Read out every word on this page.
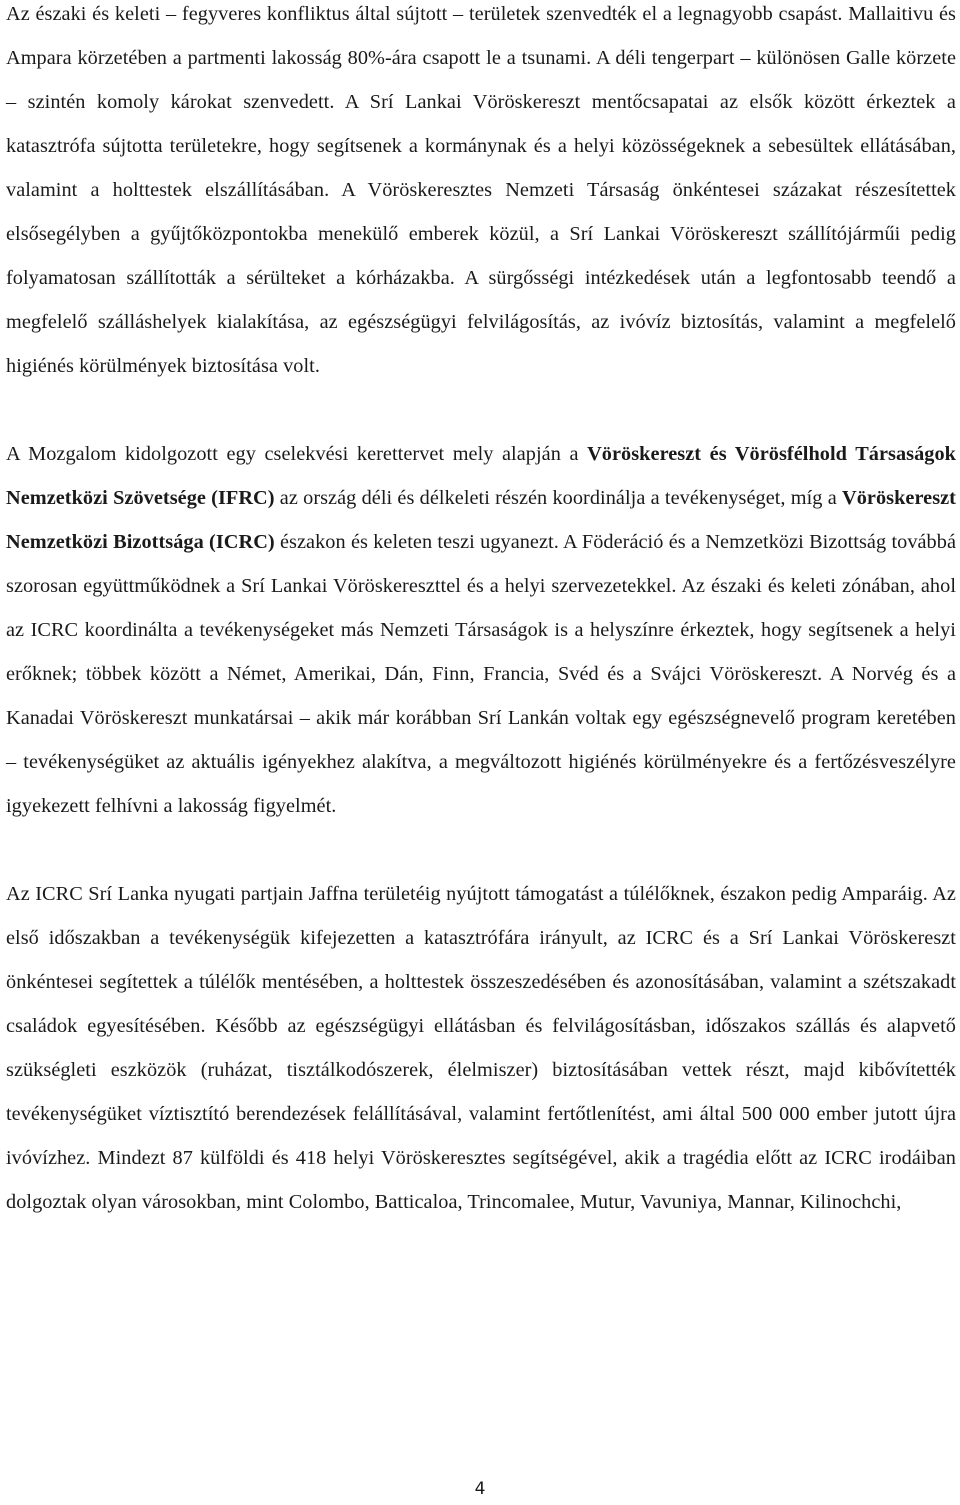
Az északi és keleti – fegyveres konfliktus által sújtott – területek szenvedték el a legnagyobb csapást. Mallaitivu és Ampara körzetében a partmenti lakosság 80%-ára csapott le a tsunami. A déli tengerpart – különösen Galle körzete – szintén komoly károkat szenvedett. A Srí Lankai Vöröskereszt mentőcsapatai az elsők között érkeztek a katasztrófa sújtotta területekre, hogy segítsenek a kormánynak és a helyi közösségeknek a sebesültek ellátásában, valamint a holttestek elszállításában. A Vöröskeresztes Nemzeti Társaság önkéntesei százakat részesítettek elsősegélyben a gyűjtőközpontokba menekülő emberek közül, a Srí Lankai Vöröskereszt szállítójárműi pedig folyamatosan szállították a sérülteket a kórházakba. A sürgősségi intézkedések után a legfontosabb teendő a megfelelő szálláshelyek kialakítása, az egészségügyi felvilágosítás, az ivóvíz biztosítás, valamint a megfelelő higiénés körülmények biztosítása volt.

A Mozgalom kidolgozott egy cselekvési kerettervet mely alapján a Vöröskereszt és Vörösfélhold Társaságok Nemzetközi Szövetsége (IFRC) az ország déli és délkeleti részén koordinálja a tevékenységet, míg a Vöröskereszt Nemzetközi Bizottsága (ICRC) északon és keleten teszi ugyanezt. A Föderáció és a Nemzetközi Bizottság továbbá szorosan együttműködnek a Srí Lankai Vöröskereszttel és a helyi szervezetekkel. Az északi és keleti zónában, ahol az ICRC koordinálta a tevékenységeket más Nemzeti Társaságok is a helyszínre érkeztek, hogy segítsenek a helyi erőknek; többek között a Német, Amerikai, Dán, Finn, Francia, Svéd és a Svájci Vöröskereszt. A Norvég és a Kanadai Vöröskereszt munkatársai – akik már korábban Srí Lankán voltak egy egészségnevelő program keretében – tevékenységüket az aktuális igényekhez alakítva, a megváltozott higiénés körülményekre és a fertőzésveszélyre igyekezett felhívni a lakosság figyelmét.

Az ICRC Srí Lanka nyugati partjain Jaffna területéig nyújtott támogatást a túlélőknek, északon pedig Amparáig. Az első időszakban a tevékenységük kifejezetten a katasztrófára irányult, az ICRC és a Srí Lankai Vöröskereszt önkéntesei segítettek a túlélők mentésében, a holttestek összeszedésében és azonosításában, valamint a szétszakadt családok egyesítésében. Később az egészségügyi ellátásban és felvilágosításban, időszakos szállás és alapvető szükségleti eszközök (ruházat, tisztálkodószerek, élelmiszer) biztosításában vettek részt, majd kibővítették tevékenységüket víztisztító berendezések felállításával, valamint fertőtlenítést, ami által 500 000 ember jutott újra ivóvízhez. Mindezt 87 külföldi és 418 helyi Vöröskeresztes segítségével, akik a tragédia előtt az ICRC irodáiban dolgoztak olyan városokban, mint Colombo, Batticaloa, Trincomalee, Mutur, Vavuniya, Mannar, Kilinochchi,

4
